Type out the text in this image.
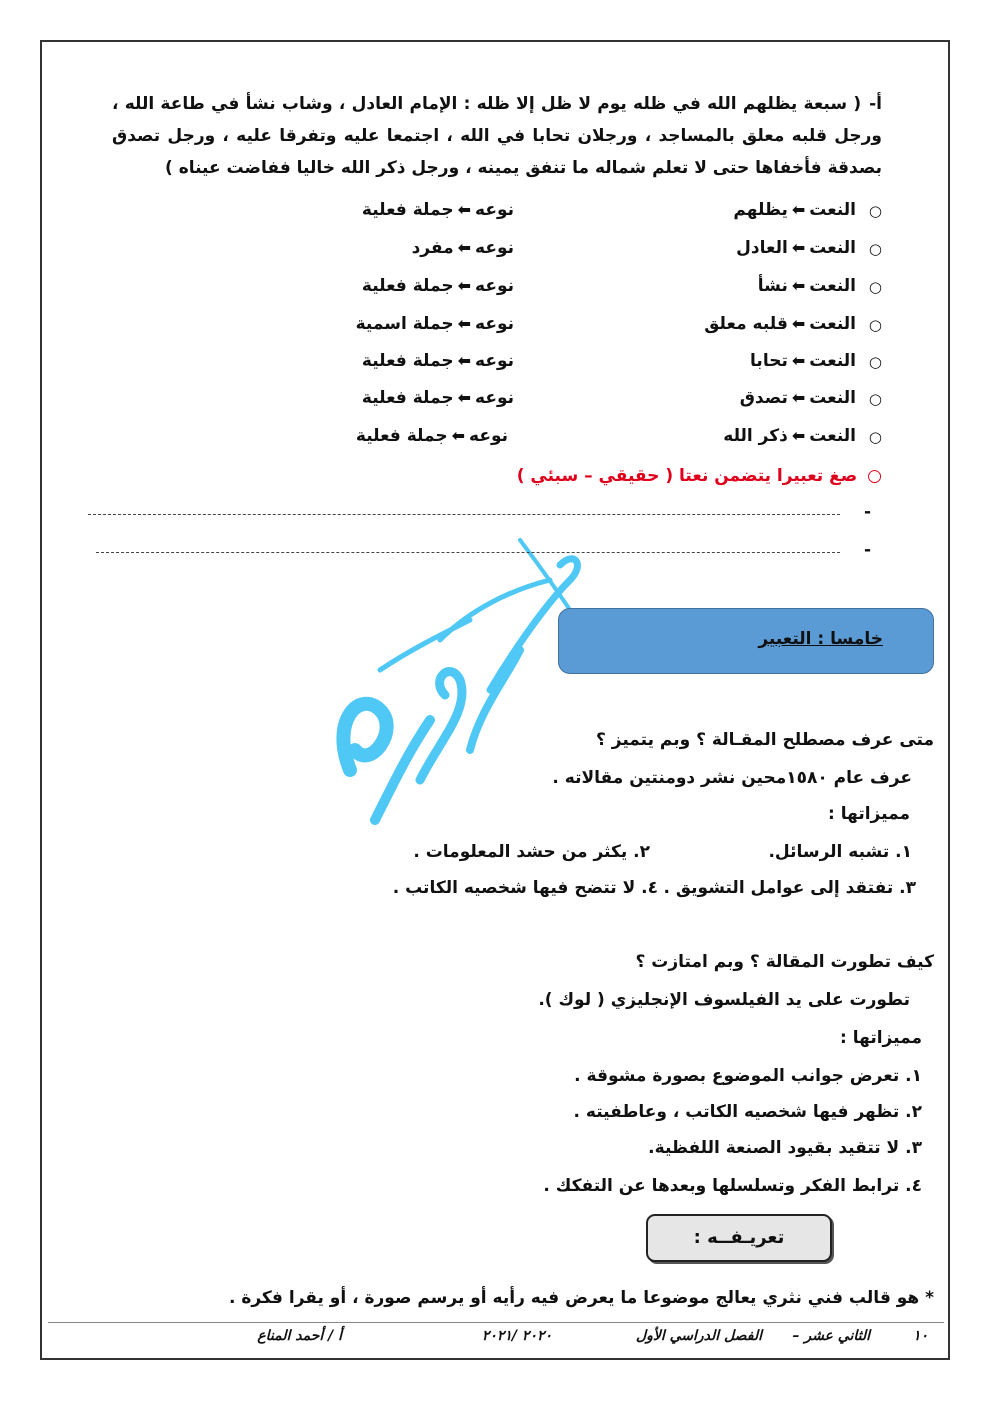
أ-( سبعة يظلهم الله في ظله يوم لا ظل إلا ظله : الإمام العادل ، وشاب نشأ في طاعة الله ، ورجل قلبه معلق بالمساجد ، ورجلان تحابا في الله ، اجتمعا عليه وتفرقا عليه ، ورجل تصدق بصدقة فأخفاها حتى لا تعلم شماله ما تنفق يمينه ، ورجل ذكر الله خاليا ففاضت عيناه )
○
النعت⬅يظلهم
نوعه⬅جملة فعلية
○
النعت⬅العادل
نوعه⬅مفرد
○
النعت⬅نشأ
نوعه⬅جملة فعلية
○
النعت⬅قلبه معلق
نوعه⬅جملة اسمية
○
النعت⬅تحابا
نوعه⬅جملة فعلية
○
النعت⬅تصدق
نوعه⬅جملة فعلية
○
النعت⬅ذكر الله
نوعه⬅جملة فعلية
○صغ تعبيرا يتضمن نعتا ( حقيقي – سبئي )
-
-
خامسا : التعبير
متى عرف مصطلح المقـالة ؟ وبم يتميز ؟
عرف عام ١٥٨٠محين نشر دومنتين مقالاته .
مميزاتها :
١. تشبه الرسائل.
٢. يكثر من حشد المعلومات .
٣. تفتقد إلى عوامل التشويق .
٤. لا تتضح فيها شخصيه الكاتب .
كيف تطورت المقالة ؟ وبم امتازت ؟
تطورت على يد الفيلسوف الإنجليزي ( لوك ).
مميزاتها :
١. تعرض جوانب الموضوع بصورة مشوقة .
٢. تظهر فيها شخصيه الكاتب ، وعاطفيته .
٣. لا تتقيد بقيود الصنعة اللفظية.
٤. ترابط الفكر وتسلسلها وبعدها عن التفكك .
تعريـفــه :
* هو قالب فني نثري يعالج موضوعا ما يعرض فيه رأيه أو يرسم صورة ، أو يقرا فكرة .
١٠
الثاني عشر –
الفصل الدراسي الأول
٢٠٢٠ /٢٠٢١
أ / أحمد المناع
